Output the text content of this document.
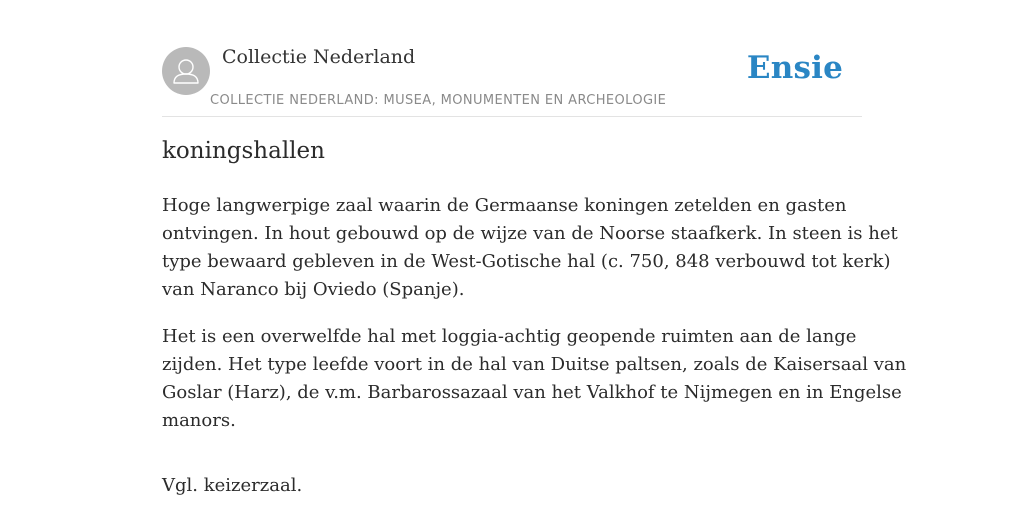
Collectie Nederland
COLLECTIE NEDERLAND: MUSEA, MONUMENTEN EN ARCHEOLOGIE
Ensie
koningshallen

Hoge langwerpige zaal waarin de Germaanse koningen zetelden en gasten
ontvingen. In hout gebouwd op de wijze van de Noorse staafkerk. In steen is het
type bewaard gebleven in de West-Gotische hal (c. 750, 848 verbouwd tot kerk)
van Naranco bij Oviedo (Spanje).

Het is een overwelfde hal met loggia-achtig geopende ruimten aan de lange
zijden. Het type leefde voort in de hal van Duitse paltsen, zoals de Kaisersaal van
Goslar (Harz), de v.m. Barbarossazaal van het Valkhof te Nijmegen en in Engelse
manors.

Vgl. keizerzaal.
